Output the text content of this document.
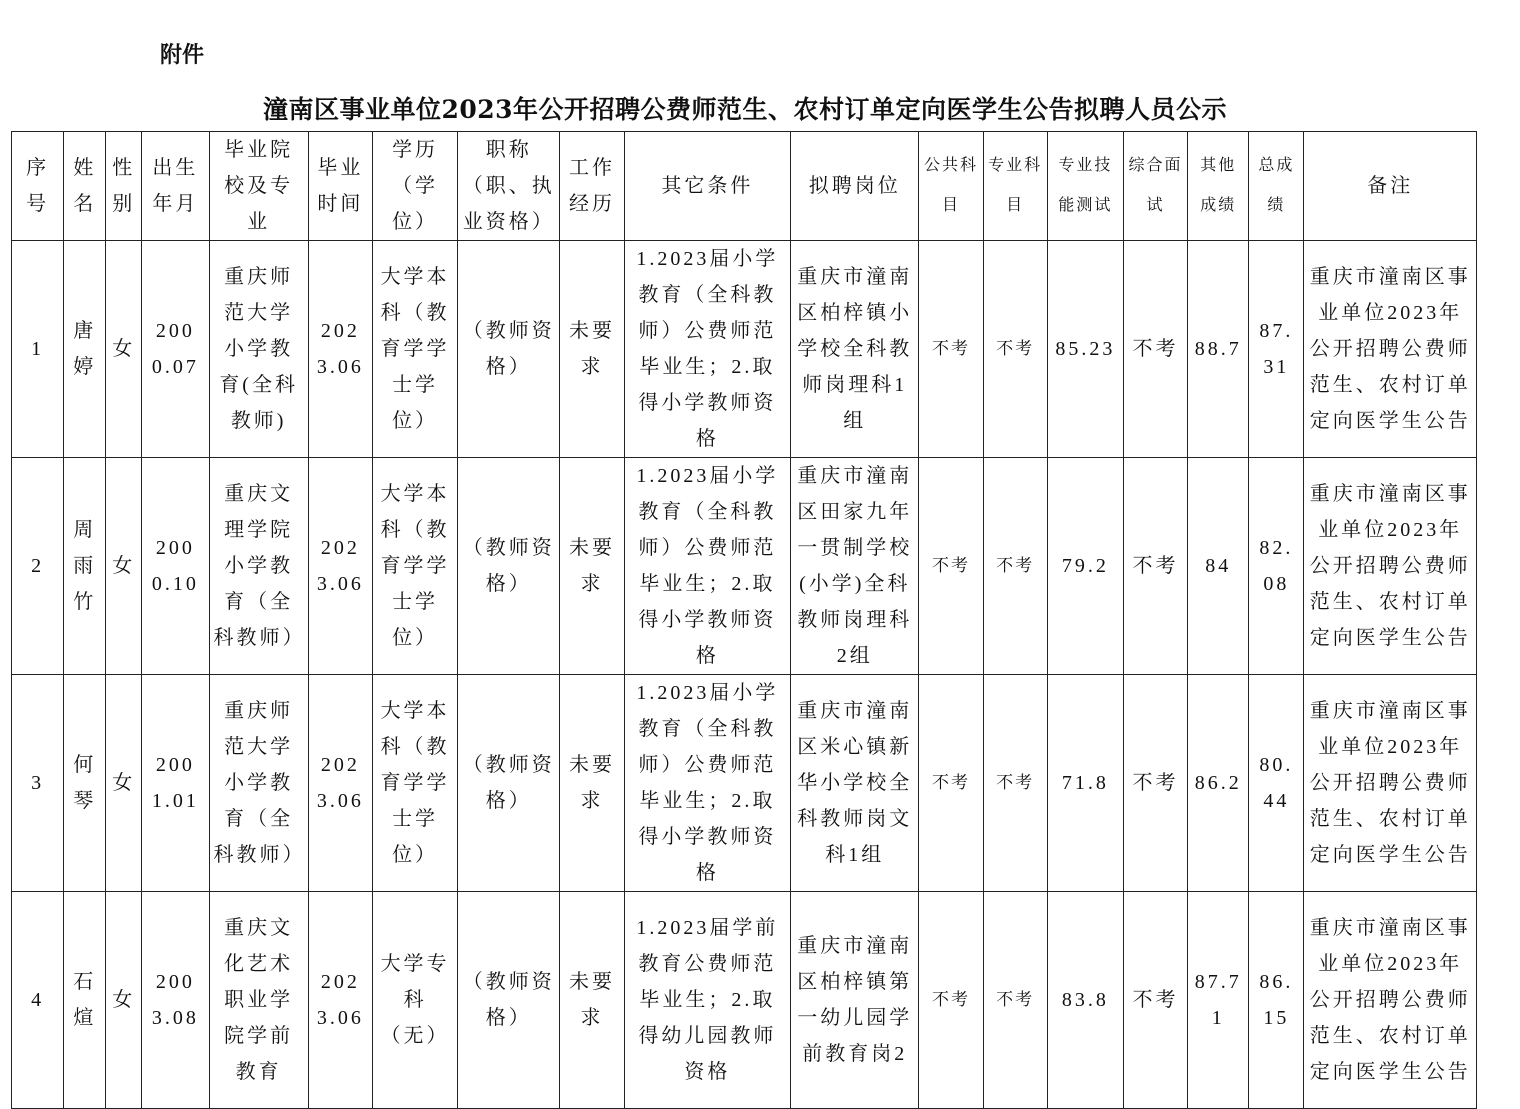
附件
潼南区事业单位2023年公开招聘公费师范生、农村订单定向医学生公告拟聘人员公示
序号	姓名	性别	出生年月	毕业院校及专业	毕业时间	学历（学位）	职称（职、执业资格）	工作经历	其它条件	拟聘岗位	公共科目	专业科目	专业技能测试	综合面试	其他成绩	总成绩	备注
1	唐婷	女	2000.07	重庆师范大学小学教育(全科教师)	2023.06	大学本科（教育学学士学位）	（教师资格）	未要求	1.2023届小学教育（全科教师）公费师范毕业生；2.取得小学教师资格	重庆市潼南区柏梓镇小学校全科教师岗理科1组	不考	不考	85.23	不考	88.7	87.31	重庆市潼南区事业单位2023年公开招聘公费师范生、农村订单定向医学生公告
2	周雨竹	女	2000.10	重庆文理学院小学教育（全科教师）	2023.06	大学本科（教育学学士学位）	（教师资格）	未要求	1.2023届小学教育（全科教师）公费师范毕业生；2.取得小学教师资格	重庆市潼南区田家九年一贯制学校(小学)全科教师岗理科2组	不考	不考	79.2	不考	84	82.08	重庆市潼南区事业单位2023年公开招聘公费师范生、农村订单定向医学生公告
3	何琴	女	2001.01	重庆师范大学小学教育（全科教师）	2023.06	大学本科（教育学学士学位）	（教师资格）	未要求	1.2023届小学教育（全科教师）公费师范毕业生；2.取得小学教师资格	重庆市潼南区米心镇新华小学校全科教师岗文科1组	不考	不考	71.8	不考	86.2	80.44	重庆市潼南区事业单位2023年公开招聘公费师范生、农村订单定向医学生公告
4	石煊	女	2003.08	重庆文化艺术职业学院学前教育	2023.06	大学专科（无）	（教师资格）	未要求	1.2023届学前教育公费师范毕业生；2.取得幼儿园教师资格	重庆市潼南区柏梓镇第一幼儿园学前教育岗2	不考	不考	83.8	不考	87.71	86.15	重庆市潼南区事业单位2023年公开招聘公费师范生、农村订单定向医学生公告
